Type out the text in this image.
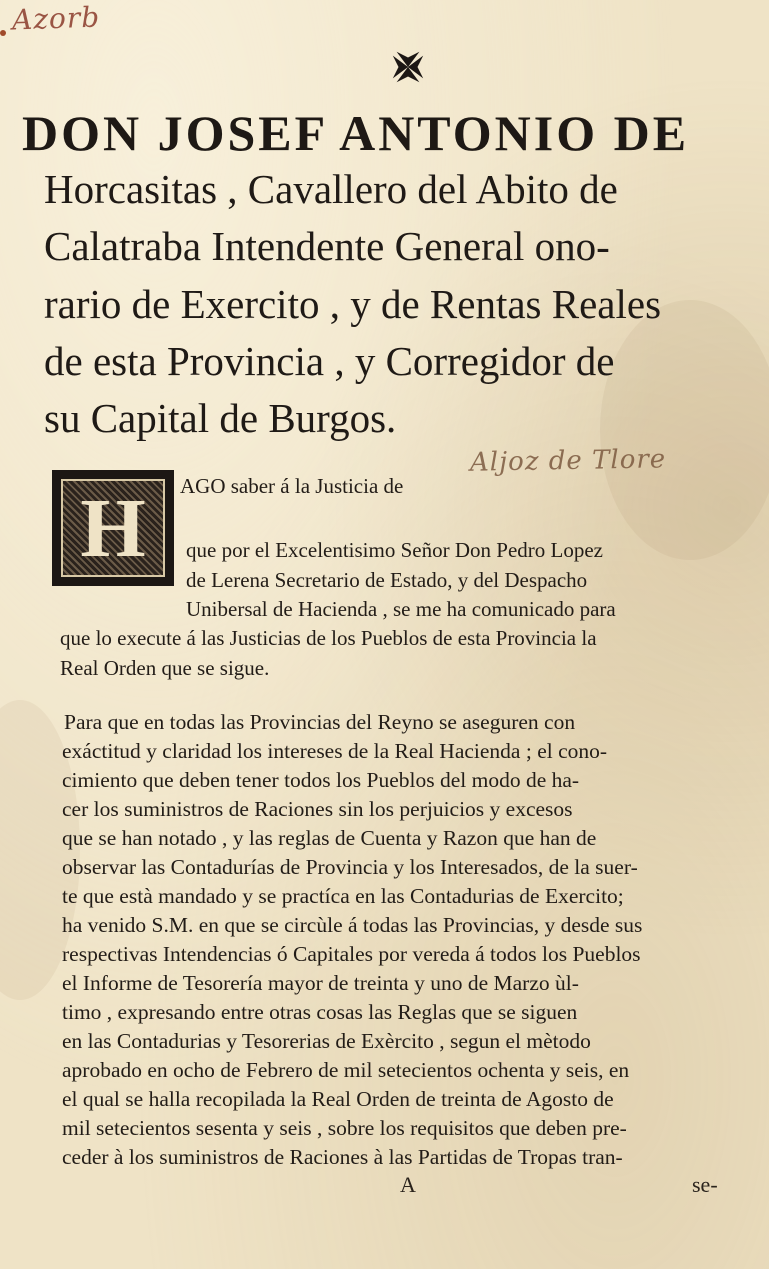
Azorb
Aljoz de Tlore
DON JOSEF ANTONIO DE
Horcasitas , Cavallero del Abito de
Calatraba Intendente General ono-
rario de Exercito , y de Rentas Reales
de esta Provincia , y Corregidor de
su Capital de Burgos.
H	AGO saber á la Justicia de
que por el Excelentisimo Señor Don Pedro Lopez
de Lerena Secretario de Estado, y del Despacho
Unibersal de Hacienda , se me ha comunicado para
que lo execute á las Justicias de los Pueblos de esta Provincia la
Real Orden que se sigue.
Para que en todas las Provincias del Reyno se aseguren con
exáctitud y claridad los intereses de la Real Hacienda ; el cono-
cimiento que deben tener todos los Pueblos del modo de ha-
cer los suministros de Raciones sin los perjuicios y excesos
que se han notado , y las reglas de Cuenta y Razon que han de
observar las Contadurías de Provincia y los Interesados, de la suer-
te que està mandado y se practíca en las Contadurias de Exercito;
ha venido S.M. en que se circùle á todas las Provincias, y desde sus
respectivas Intendencias ó Capitales por vereda á todos los Pueblos
el Informe de Tesorería mayor de treinta y uno de Marzo ùl-
timo , expresando entre otras cosas las Reglas que se siguen
en las Contadurias y Tesorerias de Exèrcito , segun el mètodo
aprobado en ocho de Febrero de mil setecientos ochenta y seis, en
el qual se halla recopilada la Real Orden de treinta de Agosto de
mil setecientos sesenta y seis , sobre los requisitos que deben pre-
ceder à los suministros de Raciones à las Partidas de Tropas tran-
A	se-
